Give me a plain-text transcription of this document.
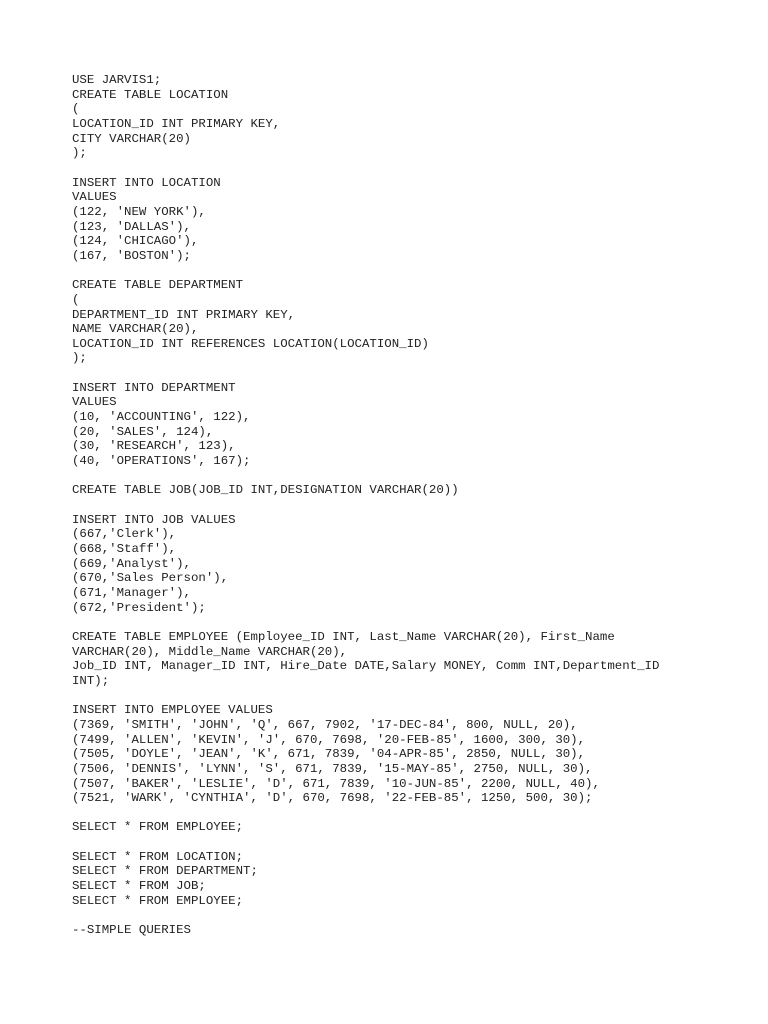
USE JARVIS1;
CREATE TABLE LOCATION
(
LOCATION_ID INT PRIMARY KEY,
CITY VARCHAR(20)
);
INSERT INTO LOCATION
VALUES
(122, 'NEW YORK'),
(123, 'DALLAS'),
(124, 'CHICAGO'),
(167, 'BOSTON');
CREATE TABLE DEPARTMENT
(
DEPARTMENT_ID INT PRIMARY KEY,
NAME VARCHAR(20),
LOCATION_ID INT REFERENCES LOCATION(LOCATION_ID)
);
INSERT INTO DEPARTMENT
VALUES
(10, 'ACCOUNTING', 122),
(20, 'SALES', 124),
(30, 'RESEARCH', 123),
(40, 'OPERATIONS', 167);
CREATE TABLE JOB(JOB_ID INT,DESIGNATION VARCHAR(20))
INSERT INTO JOB VALUES
(667,'Clerk'),
(668,'Staff'),
(669,'Analyst'),
(670,'Sales Person'),
(671,'Manager'),
(672,'President');
CREATE TABLE EMPLOYEE (Employee_ID INT, Last_Name VARCHAR(20), First_Name
VARCHAR(20), Middle_Name VARCHAR(20),
Job_ID INT, Manager_ID INT, Hire_Date DATE,Salary MONEY, Comm INT,Department_ID
INT);
INSERT INTO EMPLOYEE VALUES
(7369, 'SMITH', 'JOHN', 'Q', 667, 7902, '17-DEC-84', 800, NULL, 20),
(7499, 'ALLEN', 'KEVIN', 'J', 670, 7698, '20-FEB-85', 1600, 300, 30),
(7505, 'DOYLE', 'JEAN', 'K', 671, 7839, '04-APR-85', 2850, NULL, 30),
(7506, 'DENNIS', 'LYNN', 'S', 671, 7839, '15-MAY-85', 2750, NULL, 30),
(7507, 'BAKER', 'LESLIE', 'D', 671, 7839, '10-JUN-85', 2200, NULL, 40),
(7521, 'WARK', 'CYNTHIA', 'D', 670, 7698, '22-FEB-85', 1250, 500, 30);
SELECT * FROM EMPLOYEE;
SELECT * FROM LOCATION;
SELECT * FROM DEPARTMENT;
SELECT * FROM JOB;
SELECT * FROM EMPLOYEE;
--SIMPLE QUERIES
